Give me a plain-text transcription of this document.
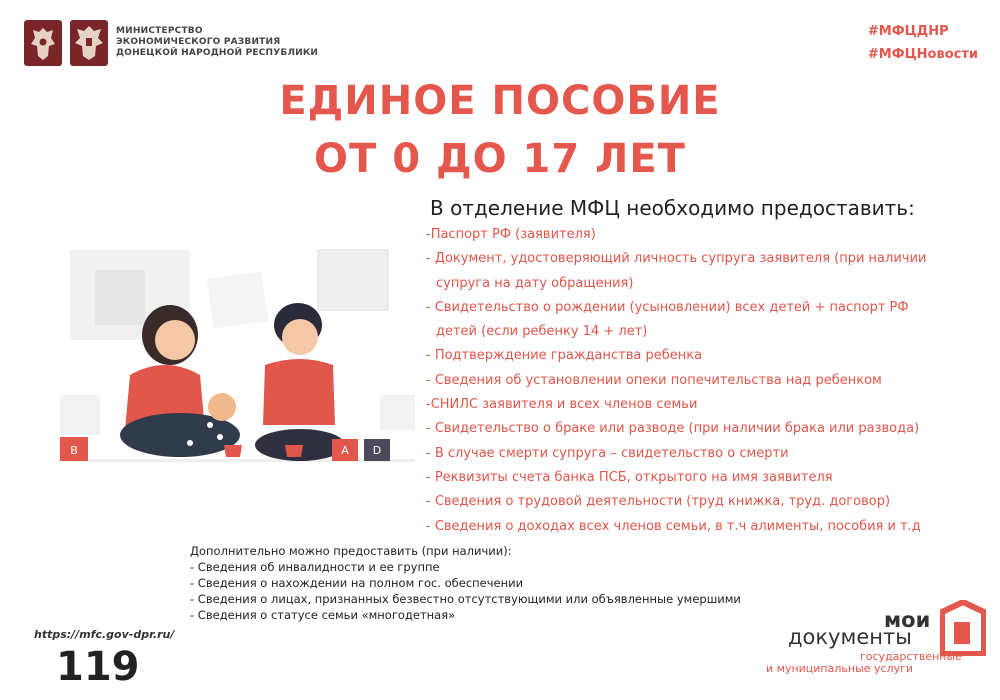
МИНИСТЕРСТВО
ЭКОНОМИЧЕСКОГО РАЗВИТИЯ
ДОНЕЦКОЙ НАРОДНОЙ РЕСПУБЛИКИ
#МФЦДНР
#МФЦНовости
ЕДИНОЕ ПОСОБИЕ
ОТ 0 ДО 17 ЛЕТ
В отделение МФЦ необходимо предоставить:
-Паспорт РФ (заявителя)
- Документ, удостоверяющий личность супруга заявителя (при наличии
супруга на дату обращения)
- Свидетельство о рождении (усыновлении) всех детей + паспорт РФ
детей (если ребенку 14 + лет)
- Подтверждение гражданства ребенка
- Сведения об установлении опеки попечительства над ребенком
-СНИЛС заявителя и всех членов семьи
- Свидетельство о браке или разводе (при наличии брака или развода)
- В случае смерти супруга – свидетельство о смерти
- Реквизиты счета банка ПСБ, открытого на имя заявителя
- Сведения о трудовой деятельности (труд книжка, труд. договор)
- Сведения о доходах всех членов семьи, в т.ч алименты, пособия и т.д
B	A D
Дополнительно можно предоставить (при наличии):
- Сведения об инвалидности и ее группе
- Сведения о нахождении на полном гос. обеспечении
- Сведения о лицах, признанных безвестно отсутствующими или объявленные умершими
- Сведения о статусе семьи «многодетная»
https://mfc.gov-dpr.ru/
119
мои
документы
государственные
и муниципальные услуги
